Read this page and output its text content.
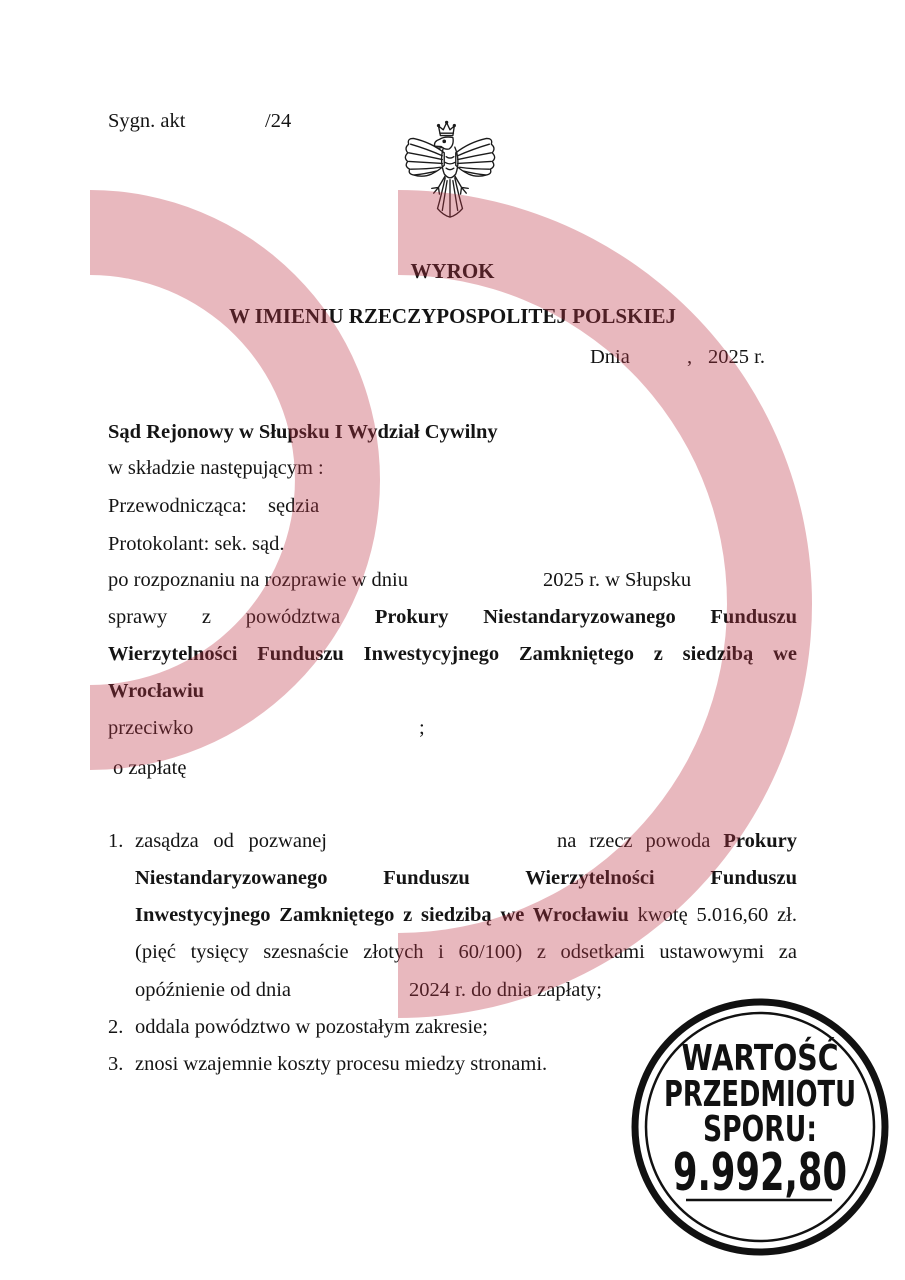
Sygn. akt	/24
WYROK
W IMIENIU RZECZYPOSPOLITEJ POLSKIEJ
Dnia	, 2025 r.
Sąd Rejonowy w Słupsku I Wydział Cywilny
w składzie następującym :
Przewodnicząca: sędzia
Protokolant: sek. sąd.
po rozpoznaniu na rozprawie w dniu	2025 r. w Słupsku
sprawy z powództwa Prokury Niestandaryzowanego Funduszu
Wierzytelności Funduszu Inwestycyjnego Zamkniętego z siedzibą we
Wrocławiu
przeciwko	;
o zapłatę
1. zasądza od pozwanej	na rzecz powoda Prokury
Niestandaryzowanego Funduszu Wierzytelności Funduszu
Inwestycyjnego Zamkniętego z siedzibą we Wrocławiu kwotę 5.016,60 zł.
(pięć tysięcy szesnaście złotych i 60/100) z odsetkami ustawowymi za
opóźnienie od dnia	2024 r. do dnia zapłaty;
2. oddala powództwo w pozostałym zakresie;
3. znosi wzajemnie koszty procesu miedzy stronami.	WARTOŚĆ
PRZEDMIOTU
SPORU:
9.992,80
